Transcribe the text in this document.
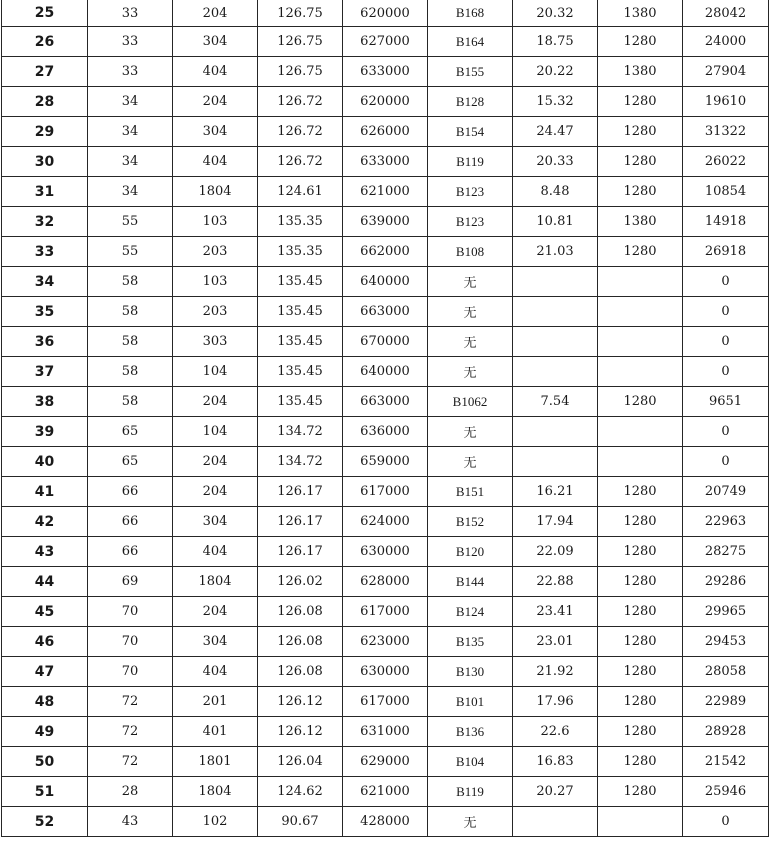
25	33	204	126.75	620000	B168	20.32	1380	28042
26	33	304	126.75	627000	B164	18.75	1280	24000
27	33	404	126.75	633000	B155	20.22	1380	27904
28	34	204	126.72	620000	B128	15.32	1280	19610
29	34	304	126.72	626000	B154	24.47	1280	31322
30	34	404	126.72	633000	B119	20.33	1280	26022
31	34	1804	124.61	621000	B123	8.48	1280	10854
32	55	103	135.35	639000	B123	10.81	1380	14918
33	55	203	135.35	662000	B108	21.03	1280	26918
34	58	103	135.45	640000	无			0
35	58	203	135.45	663000	无			0
36	58	303	135.45	670000	无			0
37	58	104	135.45	640000	无			0
38	58	204	135.45	663000	B1062	7.54	1280	9651
39	65	104	134.72	636000	无			0
40	65	204	134.72	659000	无			0
41	66	204	126.17	617000	B151	16.21	1280	20749
42	66	304	126.17	624000	B152	17.94	1280	22963
43	66	404	126.17	630000	B120	22.09	1280	28275
44	69	1804	126.02	628000	B144	22.88	1280	29286
45	70	204	126.08	617000	B124	23.41	1280	29965
46	70	304	126.08	623000	B135	23.01	1280	29453
47	70	404	126.08	630000	B130	21.92	1280	28058
48	72	201	126.12	617000	B101	17.96	1280	22989
49	72	401	126.12	631000	B136	22.6	1280	28928
50	72	1801	126.04	629000	B104	16.83	1280	21542
51	28	1804	124.62	621000	B119	20.27	1280	25946
52	43	102	90.67	428000	无			0
